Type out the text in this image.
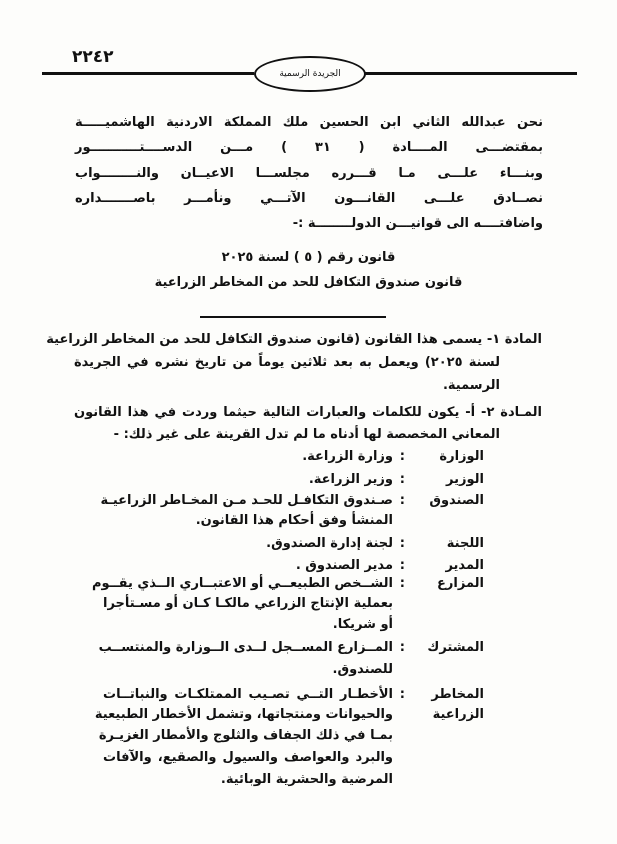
٢٢٤٢
الجريدة الرسمية
نحن عبدالله الثاني ابن الحسين ملك المملكة الاردنية الهاشميـــــة
بمقتضـــى المــــادة ( ٣١ ) مـــن الدســــتـــــــــــور
وبنـــاء علـــى مـا قـــرره مجلســـا الاعيــان والنــــــــواب
نصــادق علـــى القانـــون الآتـــي ونأمـــر باصـــــــداره
واضافتــــه الى قوانيـــن الدولــــــــة :-
قانون رقم ( ٥ ) لسنة ٢٠٢٥
قانون صندوق التكافل للحد من المخاطر الزراعية
المادة ١- يسمى هذا القانون (قانون صندوق التكافل للحد من المخاطر الزراعية
لسنة ٢٠٢٥) ويعمل به بعد ثلاثين يوماً من تاريخ نشره في الجريدة
الرسمية.
المـادة ٢- أ- يكون للكلمات والعبارات التالية حيثما وردت في هذا القانون
المعاني المخصصة لها أدناه ما لم تدل القرينة على غير ذلك: -
الوزارة
:
وزارة الزراعة.
الوزير
:
وزير الزراعة.
الصندوق
:
صـندوق التكافـل للحـد مـن المخـاطر الزراعيـة
المنشأ وفق أحكام هذا القانون.
اللجنة
:
لجنة إدارة الصندوق.
المدير
:
مدير الصندوق .
المزارع
:
الشــخص الطبيعــي أو الاعتبــاري الــذي يقــوم
بعملية الإنتاج الزراعي مالكـا كـان أو مسـتأجرا
أو شريكا.
المشترك
:
المــزارع المســجل لــدى الــوزارة والمنتســب
للصندوق.
المخاطر
الزراعية
:
الأخطـار التــي تصـيب الممتلكـات والنباتــات
والحيوانات ومنتجاتها، وتشمل الأخطار الطبيعية
بمـا في ذلك الجفاف والثلوج والأمطار الغزيـرة
والبرد والعواصف والسيول والصقيع، والآفات
المرضية والحشرية الوبائية.
